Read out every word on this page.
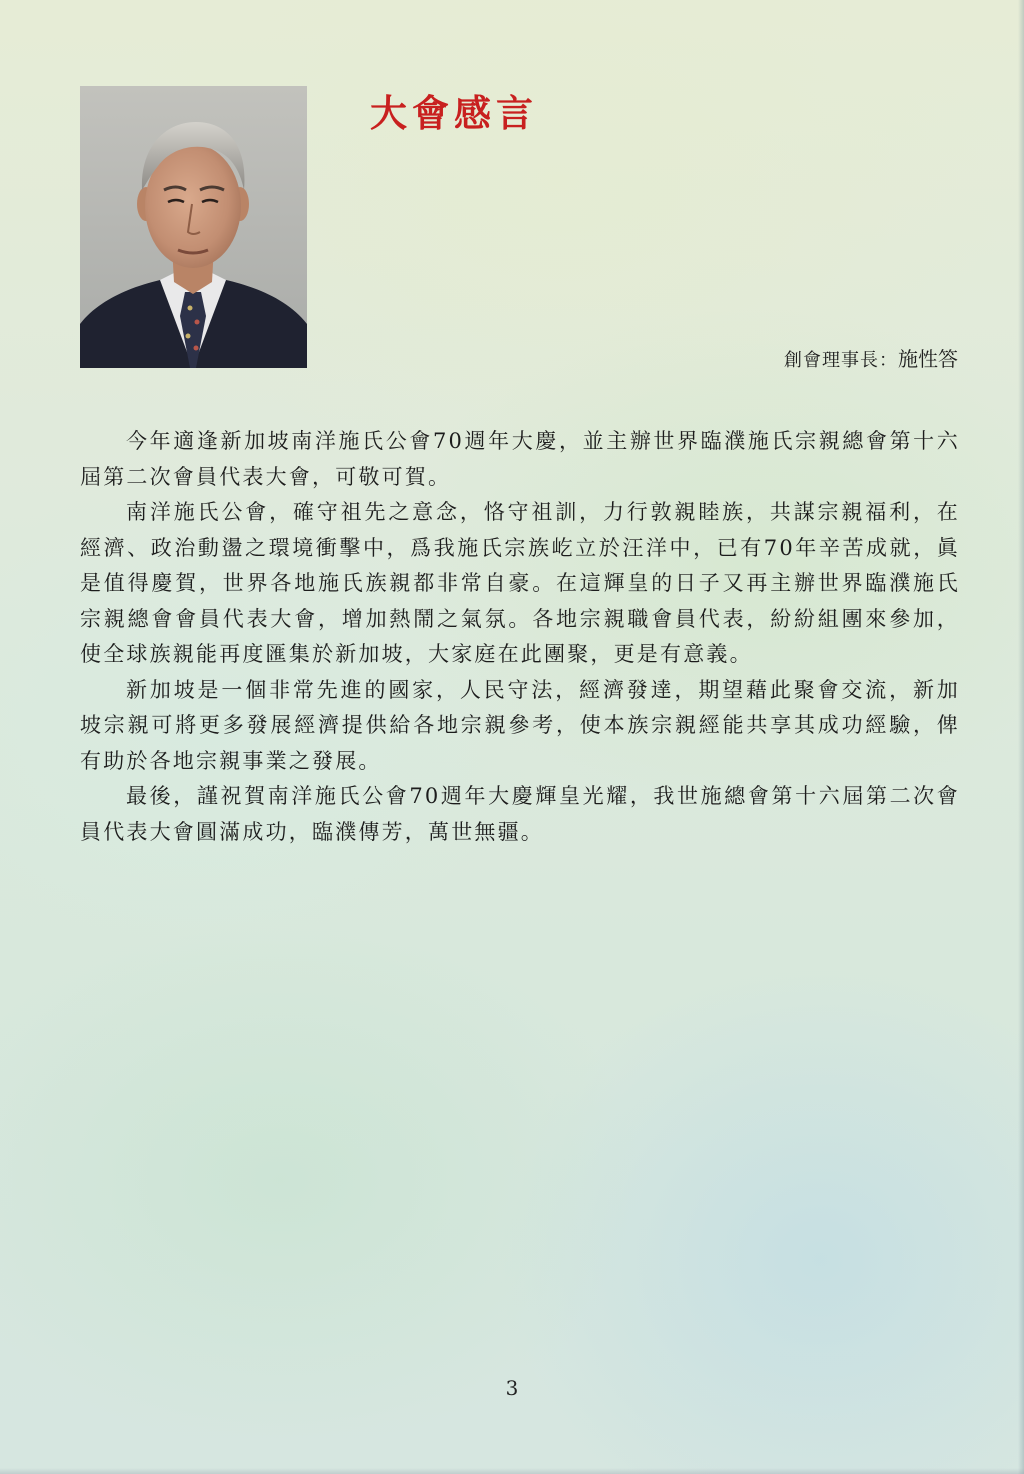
大會感言
創會理事長：施性答

今年適逢新加坡南洋施氏公會70週年大慶，並主辦世界臨濮施氏宗親總會第十六屆第二次會員代表大會，可敬可賀。

南洋施氏公會，確守祖先之意念，恪守祖訓，力行敦親睦族，共謀宗親福利，在經濟、政治動盪之環境衝擊中，爲我施氏宗族屹立於汪洋中，已有70年辛苦成就，眞是值得慶賀，世界各地施氏族親都非常自豪。在這輝皇的日子又再主辦世界臨濮施氏宗親總會會員代表大會，增加熱鬧之氣氛。各地宗親職會員代表，紛紛組團來參加，使全球族親能再度匯集於新加坡，大家庭在此團聚，更是有意義。

新加坡是一個非常先進的國家，人民守法，經濟發達，期望藉此聚會交流，新加坡宗親可將更多發展經濟提供給各地宗親參考，使本族宗親經能共享其成功經驗，俾有助於各地宗親事業之發展。

最後，謹祝賀南洋施氏公會70週年大慶輝皇光耀，我世施總會第十六屆第二次會員代表大會圓滿成功，臨濮傳芳，萬世無疆。

3
